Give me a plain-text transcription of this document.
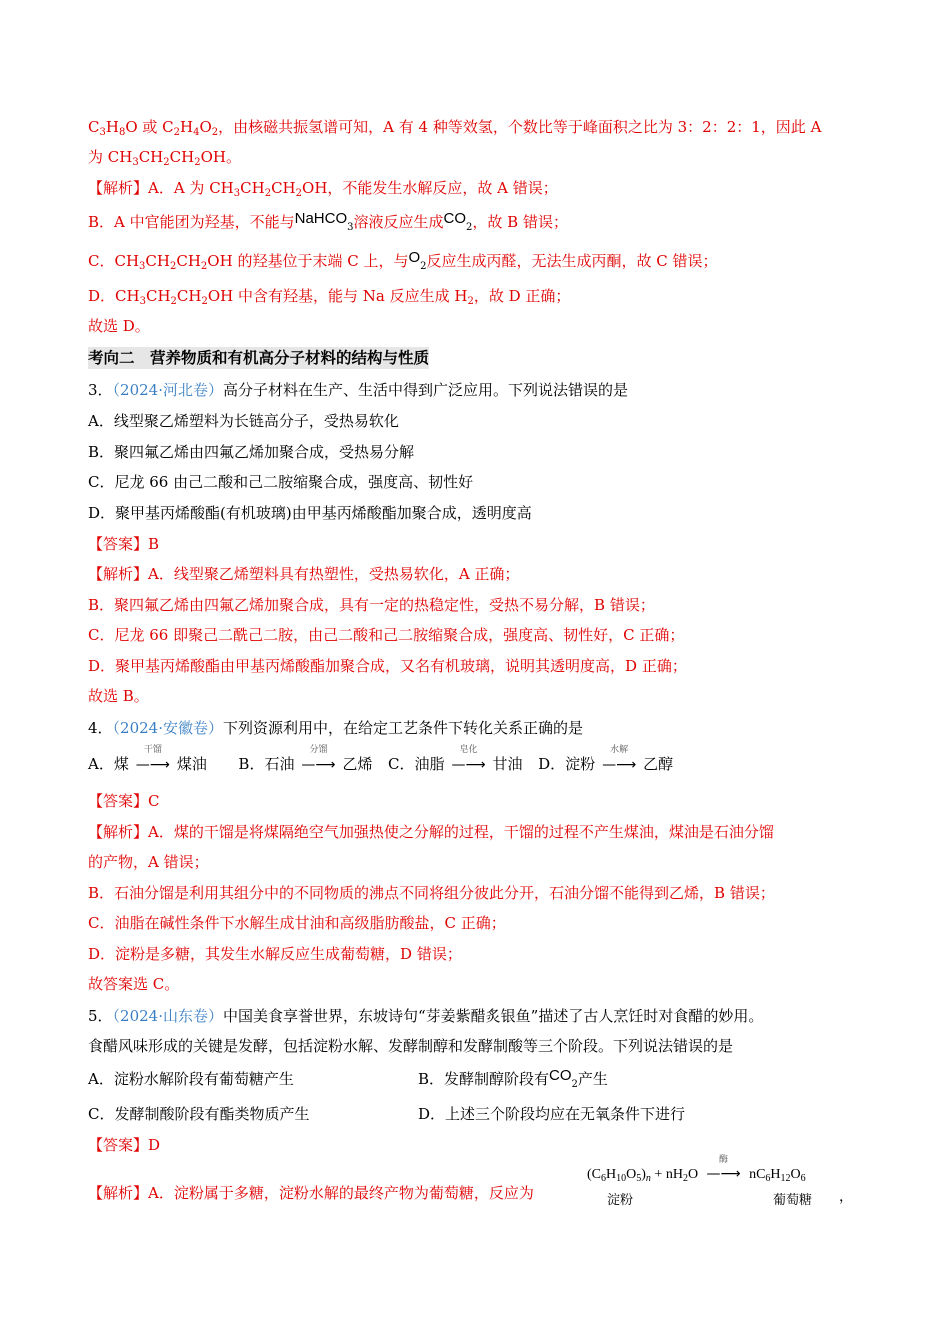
$C_3H_8O$ 或 $C_2H_4O_2$，由核磁共振氢谱可知，A 有 4 种等效氢，个数比等于峰面积之比为 3：2：2：1，因此 A
为 $CH_3CH_2CH_2OH$。
【解析】A．A 为 $CH_3CH_2CH_2OH$，不能发生水解反应，故 A 错误；
B．A 中官能团为羟基，不能与NaHCO$_3$溶液反应生成$CO_2$，故 B 错误；
C．$CH_3CH_2CH_2OH$ 的羟基位于末端 C 上，与$O_2$反应生成丙醛，无法生成丙酮，故 C 错误；
D．$CH_3CH_2CH_2OH$ 中含有羟基，能与 Na 反应生成 $H_2$，故 D 正确；
故选 D。
考向二　营养物质和有机高分子材料的结构与性质
3．（2024·河北卷）高分子材料在生产、生活中得到广泛应用。下列说法错误的是
A．线型聚乙烯塑料为长链高分子，受热易软化
B．聚四氟乙烯由四氟乙烯加聚合成，受热易分解
C．尼龙 66 由己二酸和己二胺缩聚合成，强度高、韧性好
D．聚甲基丙烯酸酯(有机玻璃)由甲基丙烯酸酯加聚合成，透明度高
【答案】B
【解析】A．线型聚乙烯塑料具有热塑性，受热易软化，A 正确；
B．聚四氟乙烯由四氟乙烯加聚合成，具有一定的热稳定性，受热不易分解，B 错误；
C．尼龙 66 即聚己二酰己二胺，由己二酸和己二胺缩聚合成，强度高、韧性好，C 正确；
D．聚甲基丙烯酸酯由甲基丙烯酸酯加聚合成，又名有机玻璃，说明其透明度高，D 正确；
故选 B。
4．（2024·安徽卷）下列资源利用中，在给定工艺条件下转化关系正确的是
A．煤
干馏
—⟶ 煤油 B．石油
分馏
—⟶ 乙烯 C．油脂
皂化
—⟶ 甘油 D．淀粉
水解
—⟶ 乙醇
【答案】C
【解析】A．煤的干馏是将煤隔绝空气加强热使之分解的过程，干馏的过程不产生煤油，煤油是石油分馏
的产物，A 错误；
B．石油分馏是利用其组分中的不同物质的沸点不同将组分彼此分开，石油分馏不能得到乙烯，B 错误；
C．油脂在碱性条件下水解生成甘油和高级脂肪酸盐，C 正确；
D．淀粉是多糖，其发生水解反应生成葡萄糖，D 错误；
故答案选 C。
5．（2024·山东卷）中国美食享誉世界，东坡诗句“芽姜紫醋炙银鱼”描述了古人烹饪时对食醋的妙用。
食醋风味形成的关键是发酵，包括淀粉水解、发酵制醇和发酵制酸等三个阶段。下列说法错误的是
A．淀粉水解阶段有葡萄糖产生	B．发酵制醇阶段有$CO_2$产生
C．发酵制酸阶段有酯类物质产生	D．上述三个阶段均应在无氧条件下进行
【答案】D
【解析】A．淀粉属于多糖，淀粉水解的最终产物为葡萄糖，反应为
$(C_6H_{10}O_5)_n + nH_2O$
酶
—⟶ $nC_6H_{12}O_6$
淀粉	葡萄糖 ，
